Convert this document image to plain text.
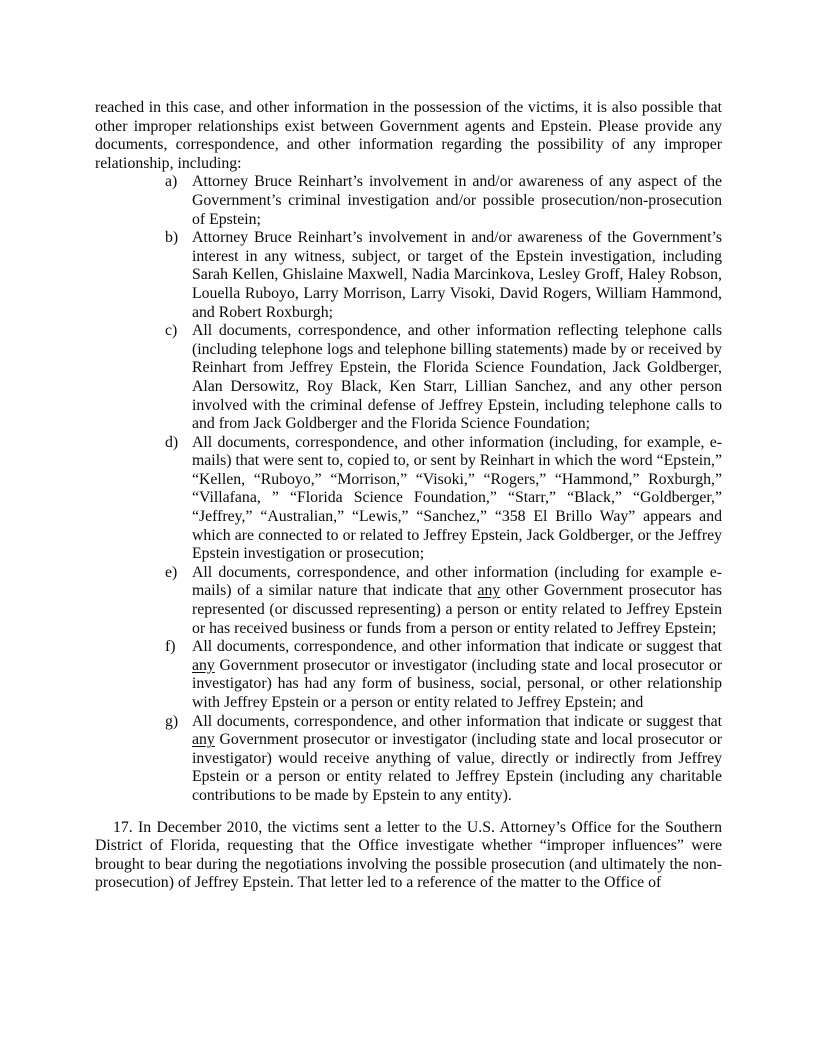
reached in this case, and other information in the possession of the victims, it is also possible that other improper relationships exist between Government agents and Epstein. Please provide any documents, correspondence, and other information regarding the possibility of any improper relationship, including:

a) Attorney Bruce Reinhart’s involvement in and/or awareness of any aspect of the Government’s criminal investigation and/or possible prosecution/non-prosecution of Epstein;
b) Attorney Bruce Reinhart’s involvement in and/or awareness of the Government’s interest in any witness, subject, or target of the Epstein investigation, including Sarah Kellen, Ghislaine Maxwell, Nadia Marcinkova, Lesley Groff, Haley Robson, Louella Ruboyo, Larry Morrison, Larry Visoki, David Rogers, William Hammond, and Robert Roxburgh;
c) All documents, correspondence, and other information reflecting telephone calls (including telephone logs and telephone billing statements) made by or received by Reinhart from Jeffrey Epstein, the Florida Science Foundation, Jack Goldberger, Alan Dersowitz, Roy Black, Ken Starr, Lillian Sanchez, and any other person involved with the criminal defense of Jeffrey Epstein, including telephone calls to and from Jack Goldberger and the Florida Science Foundation;
d) All documents, correspondence, and other information (including, for example, e-mails) that were sent to, copied to, or sent by Reinhart in which the word “Epstein,” “Kellen, “Ruboyo,” “Morrison,” “Visoki,” “Rogers,” “Hammond,” Roxburgh,” “Villafana, ” “Florida Science Foundation,” “Starr,” “Black,” “Goldberger,” “Jeffrey,” “Australian,” “Lewis,” “Sanchez,” “358 El Brillo Way” appears and which are connected to or related to Jeffrey Epstein, Jack Goldberger, or the Jeffrey Epstein investigation or prosecution;
e) All documents, correspondence, and other information (including for example e-mails) of a similar nature that indicate that any other Government prosecutor has represented (or discussed representing) a person or entity related to Jeffrey Epstein or has received business or funds from a person or entity related to Jeffrey Epstein;
f)	All documents, correspondence, and other information that indicate or suggest that any Government prosecutor or investigator (including state and local prosecutor or investigator) has had any form of business, social, personal, or other relationship with Jeffrey Epstein or a person or entity related to Jeffrey Epstein; and
g) All documents, correspondence, and other information that indicate or suggest that any Government prosecutor or investigator (including state and local prosecutor or investigator) would receive anything of value, directly or indirectly from Jeffrey Epstein or a person or entity related to Jeffrey Epstein (including any charitable contributions to be made by Epstein to any entity).

17. In December 2010, the victims sent a letter to the U.S. Attorney’s Office for the Southern District of Florida, requesting that the Office investigate whether “improper influences” were brought to bear during the negotiations involving the possible prosecution (and ultimately the non-prosecution) of Jeffrey Epstein. That letter led to a reference of the matter to the Office of
